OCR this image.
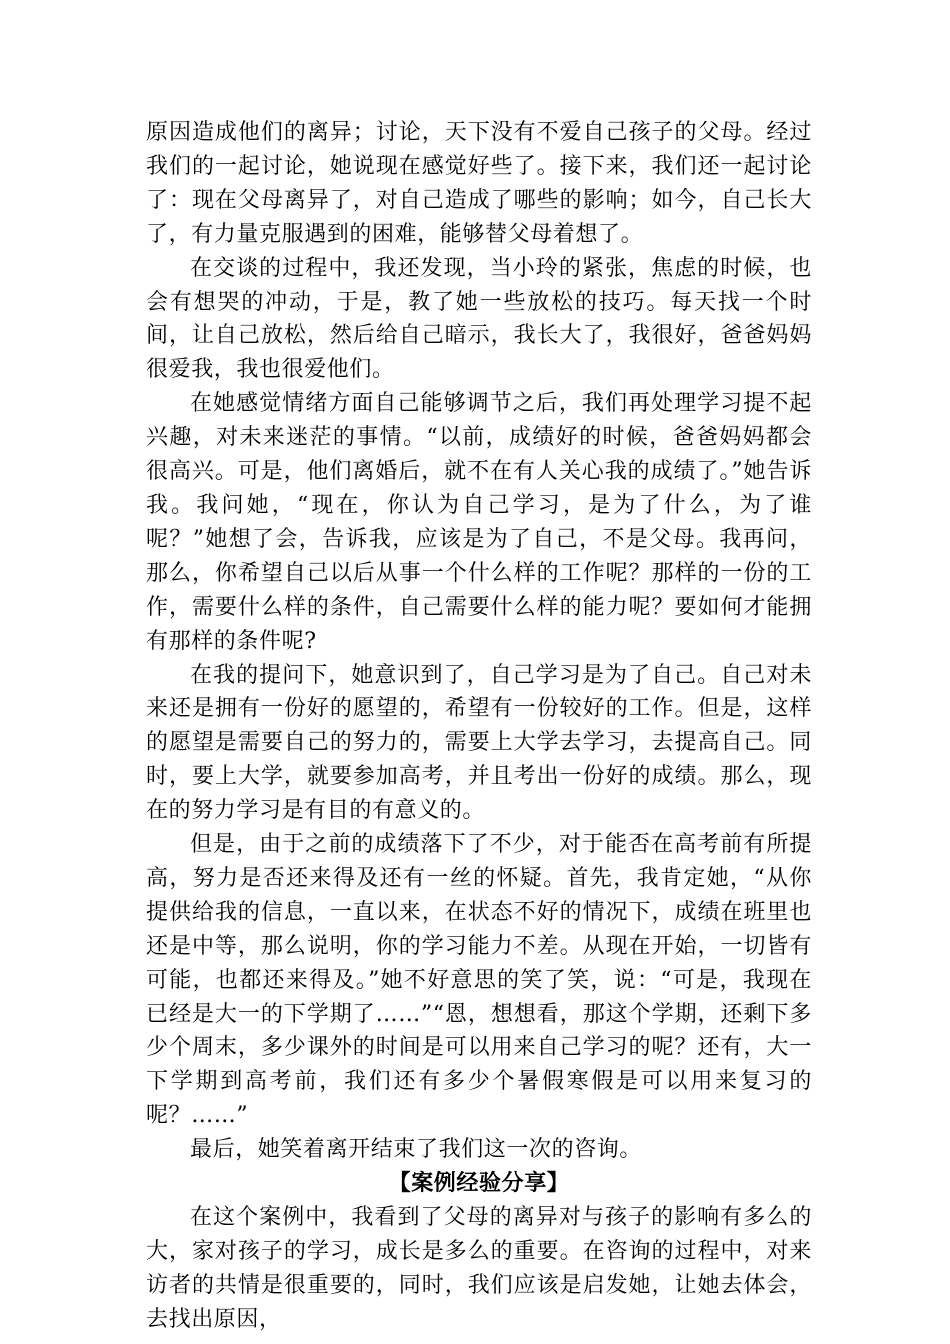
原因造成他们的离异；讨论，天下没有不爱自己孩子的父母。经过我们的一起讨论，她说现在感觉好些了。接下来，我们还一起讨论了：现在父母离异了，对自己造成了哪些的影响；如今，自己长大了，有力量克服遇到的困难，能够替父母着想了。

在交谈的过程中，我还发现，当小玲的紧张，焦虑的时候，也会有想哭的冲动，于是，教了她一些放松的技巧。每天找一个时间，让自己放松，然后给自己暗示，我长大了，我很好，爸爸妈妈很爱我，我也很爱他们。

在她感觉情绪方面自己能够调节之后，我们再处理学习提不起兴趣，对未来迷茫的事情。“以前，成绩好的时候，爸爸妈妈都会很高兴。可是，他们离婚后，就不在有人关心我的成绩了。”她告诉我。我问她，“现在，你认为自己学习，是为了什么，为了谁呢？”她想了会，告诉我，应该是为了自己，不是父母。我再问，那么，你希望自己以后从事一个什么样的工作呢？那样的一份的工作，需要什么样的条件，自己需要什么样的能力呢？要如何才能拥有那样的条件呢?

在我的提问下，她意识到了，自己学习是为了自己。自己对未来还是拥有一份好的愿望的，希望有一份较好的工作。但是，这样的愿望是需要自己的努力的，需要上大学去学习，去提高自己。同时，要上大学，就要参加高考，并且考出一份好的成绩。那么，现在的努力学习是有目的有意义的。

但是，由于之前的成绩落下了不少，对于能否在高考前有所提高，努力是否还来得及还有一丝的怀疑。首先，我肯定她，“从你提供给我的信息，一直以来，在状态不好的情况下，成绩在班里也还是中等，那么说明，你的学习能力不差。从现在开始，一切皆有可能，也都还来得及。”她不好意思的笑了笑，说：“可是，我现在已经是大一的下学期了……”“恩，想想看，那这个学期，还剩下多少个周末，多少课外的时间是可以用来自己学习的呢？还有，大一下学期到高考前，我们还有多少个暑假寒假是可以用来复习的呢？……”

最后，她笑着离开结束了我们这一次的咨询。

【案例经验分享】

在这个案例中，我看到了父母的离异对与孩子的影响有多么的大，家对孩子的学习，成长是多么的重要。在咨询的过程中，对来访者的共情是很重要的，同时，我们应该是启发她，让她去体会，去找出原因，
